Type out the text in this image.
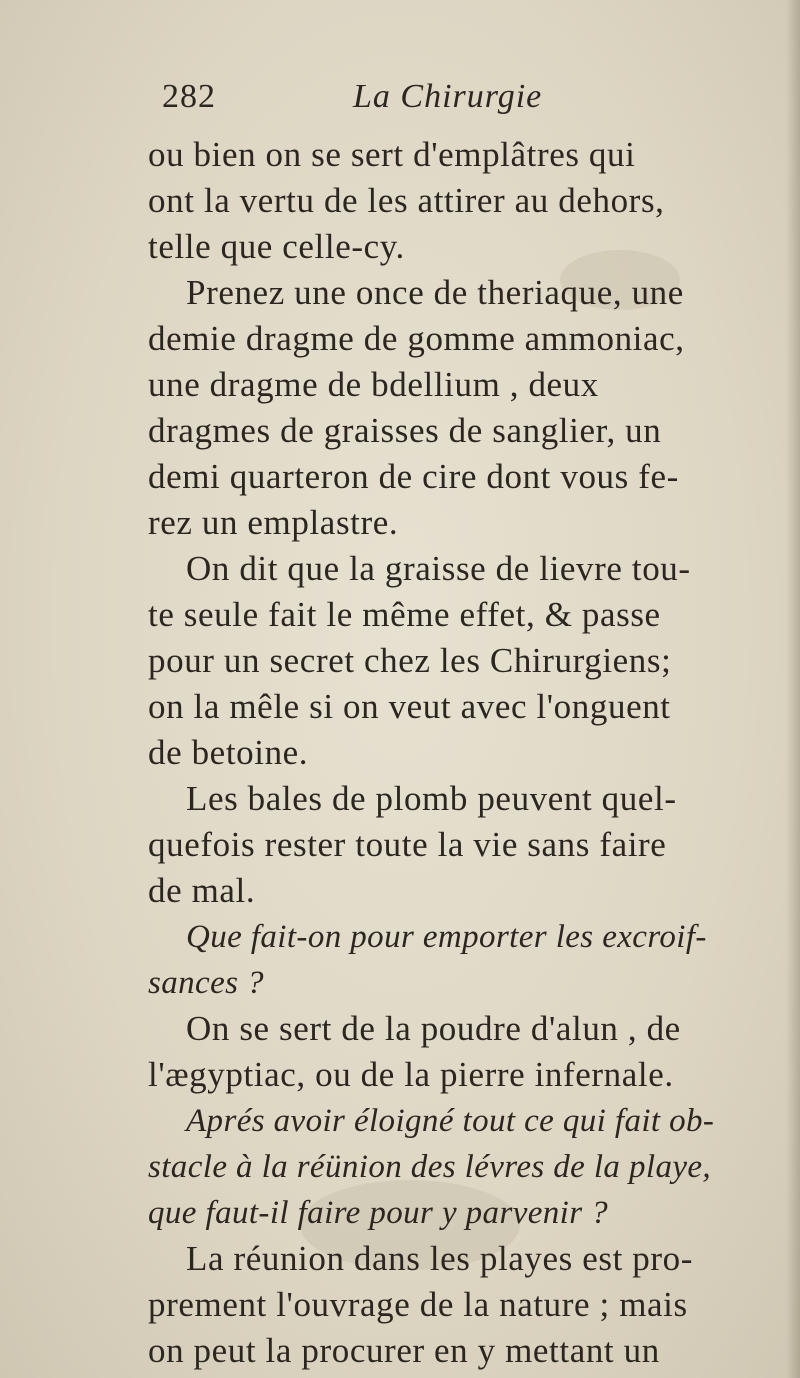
282	La Chirurgie
ou bien on se sert d'emplâtres qui
ont la vertu de les attirer au dehors,
telle que celle-cy.
Prenez une once de theriaque, une
demie dragme de gomme ammoniac,
une dragme de bdellium , deux
dragmes de graisses de sanglier, un
demi quarteron de cire dont vous fe-
rez un emplastre.
On dit que la graisse de lievre tou-
te seule fait le même effet, & passe
pour un secret chez les Chirurgiens;
on la mêle si on veut avec l'onguent
de betoine.
Les bales de plomb peuvent quel-
quefois rester toute la vie sans faire
de mal.
Que fait-on pour emporter les excroif-
sances ?
On se sert de la poudre d'alun , de
l'ægyptiac, ou de la pierre infernale.
Aprés avoir éloigné tout ce qui fait ob-
stacle à la réünion des lévres de la playe,
que faut-il faire pour y parvenir ?
La réunion dans les playes est pro-
prement l'ouvrage de la nature ; mais
on peut la procurer en y mettant un
